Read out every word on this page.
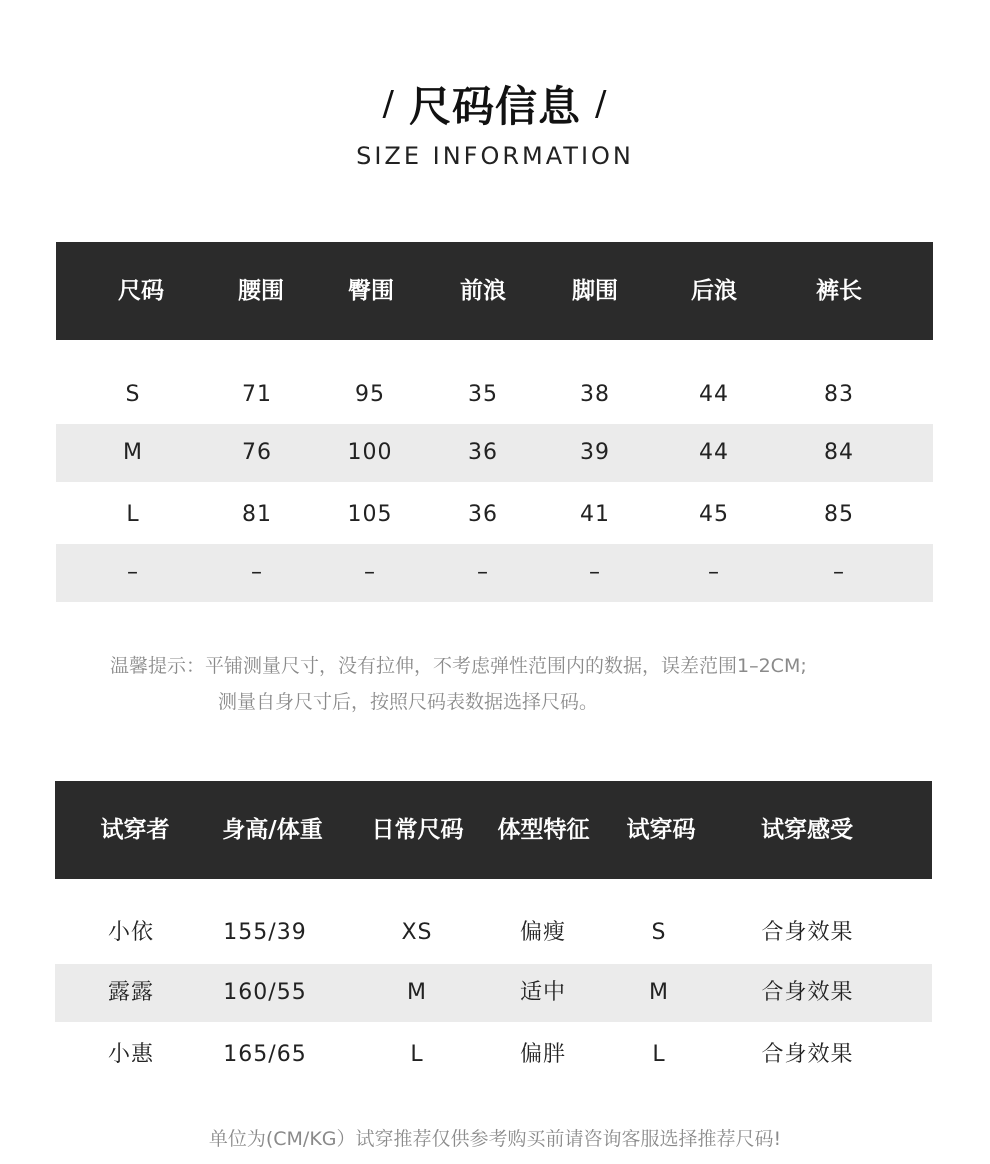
/ 尺码信息 /
SIZE INFORMATION
尺码	腰围	臀围	前浪	脚围	后浪	裤长
S	71	95	35	38	44	83
M	76	100	36	39	44	84
L	81	105	36	41	45	85
–	–	–	–	–	–	–
温馨提示：平铺测量尺寸，没有拉伸，不考虑弹性范围内的数据，误差范围1–2CM;
测量自身尺寸后，按照尺码表数据选择尺码。
试穿者	身高/体重	日常尺码	体型特征	试穿码	试穿感受
小依	155/39	XS	偏瘦	S	合身效果
露露	160/55	M	适中	M	合身效果
小惠	165/65	L	偏胖	L	合身效果
单位为(CM/KG）试穿推荐仅供参考购买前请咨询客服选择推荐尺码!
